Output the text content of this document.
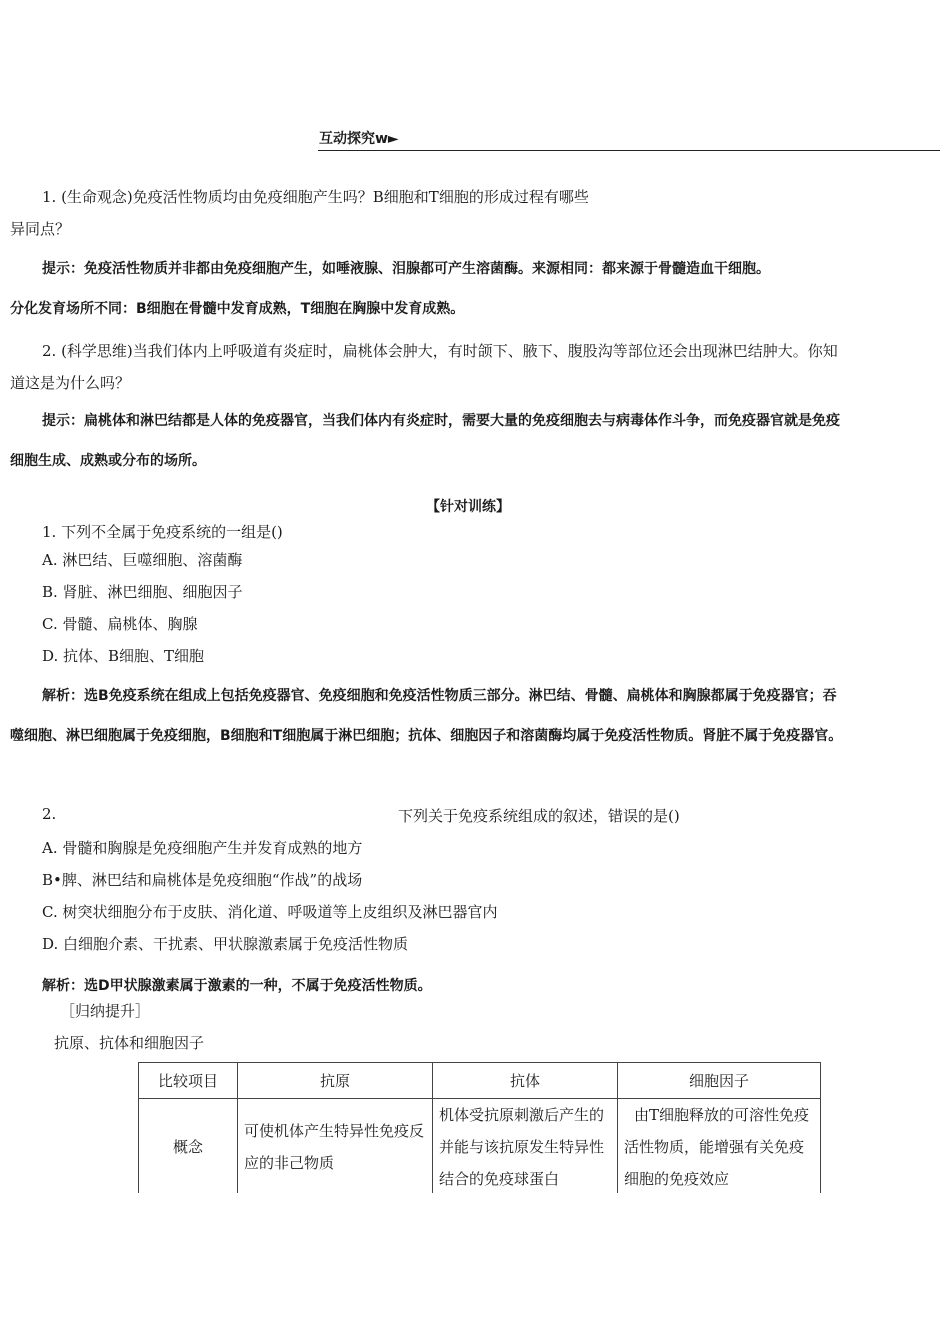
互动探究w►
1. (生命观念)免疫活性物质均由免疫细胞产生吗？B细胞和T细胞的形成过程有哪些
异同点？
提示：免疫活性物质并非都由免疫细胞产生，如唾液腺、泪腺都可产生溶菌酶。来源相同：都来源于骨髓造血干细胞。
分化发育场所不同：B细胞在骨髓中发育成熟，T细胞在胸腺中发育成熟。
2. (科学思维)当我们体内上呼吸道有炎症时，扁桃体会肿大，有时颌下、腋下、腹股沟等部位还会出现淋巴结肿大。你知
道这是为什么吗？
提示：扁桃体和淋巴结都是人体的免疫器官，当我们体内有炎症时，需要大量的免疫细胞去与病毒体作斗争，而免疫器官就是免疫
细胞生成、成熟或分布的场所。
【针对训练】
1. 下列不全属于免疫系统的一组是()
A. 淋巴结、巨噬细胞、溶菌酶
B. 肾脏、淋巴细胞、细胞因子
C. 骨髓、扁桃体、胸腺
D. 抗体、B细胞、T细胞
解析：选B免疫系统在组成上包括免疫器官、免疫细胞和免疫活性物质三部分。淋巴结、骨髓、扁桃体和胸腺都属于免疫器官；吞
噬细胞、淋巴细胞属于免疫细胞，B细胞和T细胞属于淋巴细胞；抗体、细胞因子和溶菌酶均属于免疫活性物质。肾脏不属于免疫器官。
2.	下列关于免疫系统组成的叙述，错误的是()
A. 骨髓和胸腺是免疫细胞产生并发育成熟的地方
B•脾、淋巴结和扁桃体是免疫细胞“作战”的战场
C. 树突状细胞分布于皮肤、消化道、呼吸道等上皮组织及淋巴器官内
D. 白细胞介素、干扰素、甲状腺激素属于免疫活性物质
解析：选D甲状腺激素属于激素的一种，不属于免疫活性物质。
［归纳提升］
抗原、抗体和细胞因子
比较项目	抗原	抗体	细胞因子
概念	可使机体产生特异性免疫反应的非己物质	机体受抗原刺激后产生的并能与该抗原发生特异性结合的免疫球蛋白	由T细胞释放的可溶性免疫活性物质，能增强有关免疫细胞的免疫效应
